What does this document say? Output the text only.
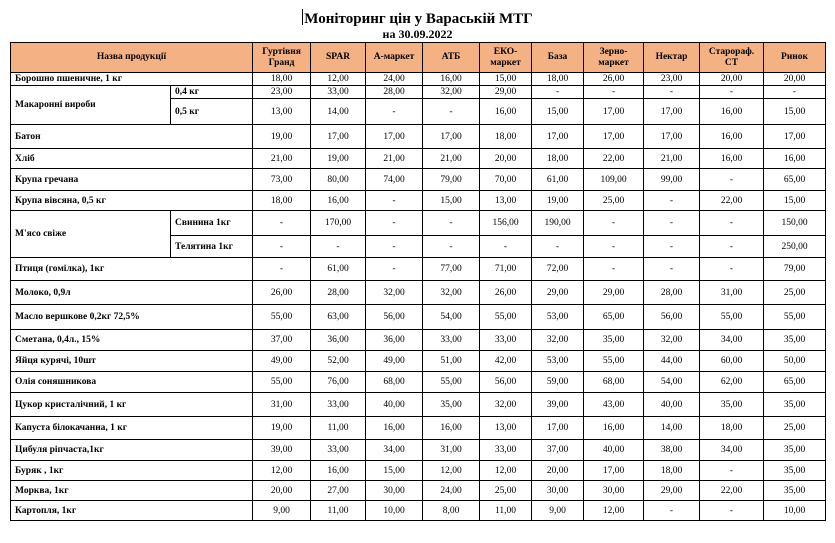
Моніторинг цін у Вараській МТГ
на 30.09.2022
Назва продукції		Гуртівня Гранд	SPAR	А-маркет	АТБ	ЕКО-маркет	База	Зерно-маркет	Нектар	Старораф. СТ	Ринок
Борошно пшеничне, 1 кг		18,00	12,00	24,00	16,00	15,00	18,00	26,00	23,00	20,00	20,00
Макаронні вироби	0,4 кг	23,00	33,00	28,00	32,00	29,00	-	-	-	-	-
	0,5 кг	13,00	14,00	-	-	16,00	15,00	17,00	17,00	16,00	15,00
Батон		19,00	17,00	17,00	17,00	18,00	17,00	17,00	17,00	16,00	17,00
Хліб		21,00	19,00	21,00	21,00	20,00	18,00	22,00	21,00	16,00	16,00
Крупа гречана		73,00	80,00	74,00	79,00	70,00	61,00	109,00	99,00	-	65,00
Крупа вівсяна, 0,5 кг		18,00	16,00	-	15,00	13,00	19,00	25,00	-	22,00	15,00
М'ясо свіже	Свинина 1кг	-	170,00	-	-	156,00	190,00	-	-	-	150,00
	Телятина 1кг	-	-	-	-	-	-	-	-	-	250,00
Птиця (гомілка), 1кг		-	61,00	-	77,00	71,00	72,00	-	-	-	79,00
Молоко, 0,9л		26,00	28,00	32,00	32,00	26,00	29,00	29,00	28,00	31,00	25,00
Масло вершкове 0,2кг 72,5%		55,00	63,00	56,00	54,00	55,00	53,00	65,00	56,00	55,00	55,00
Сметана, 0,4л., 15%		37,00	36,00	36,00	33,00	33,00	32,00	35,00	32,00	34,00	35,00
Яйця курячі, 10шт		49,00	52,00	49,00	51,00	42,00	53,00	55,00	44,00	60,00	50,00
Олія соняшникова		55,00	76,00	68,00	55,00	56,00	59,00	68,00	54,00	62,00	65,00
Цукор кристалічний, 1 кг		31,00	33,00	40,00	35,00	32,00	39,00	43,00	40,00	35,00	35,00
Капуста білокачанна, 1 кг		19,00	11,00	16,00	16,00	13,00	17,00	16,00	14,00	18,00	25,00
Цибуля ріпчаста,1кг		39,00	33,00	34,00	31,00	33,00	37,00	40,00	38,00	34,00	35,00
Буряк , 1кг		12,00	16,00	15,00	12,00	12,00	20,00	17,00	18,00	-	35,00
Морква, 1кг		20,00	27,00	30,00	24,00	25,00	30,00	30,00	29,00	22,00	35,00
Картопля, 1кг		9,00	11,00	10,00	8,00	11,00	9,00	12,00	-	-	10,00
